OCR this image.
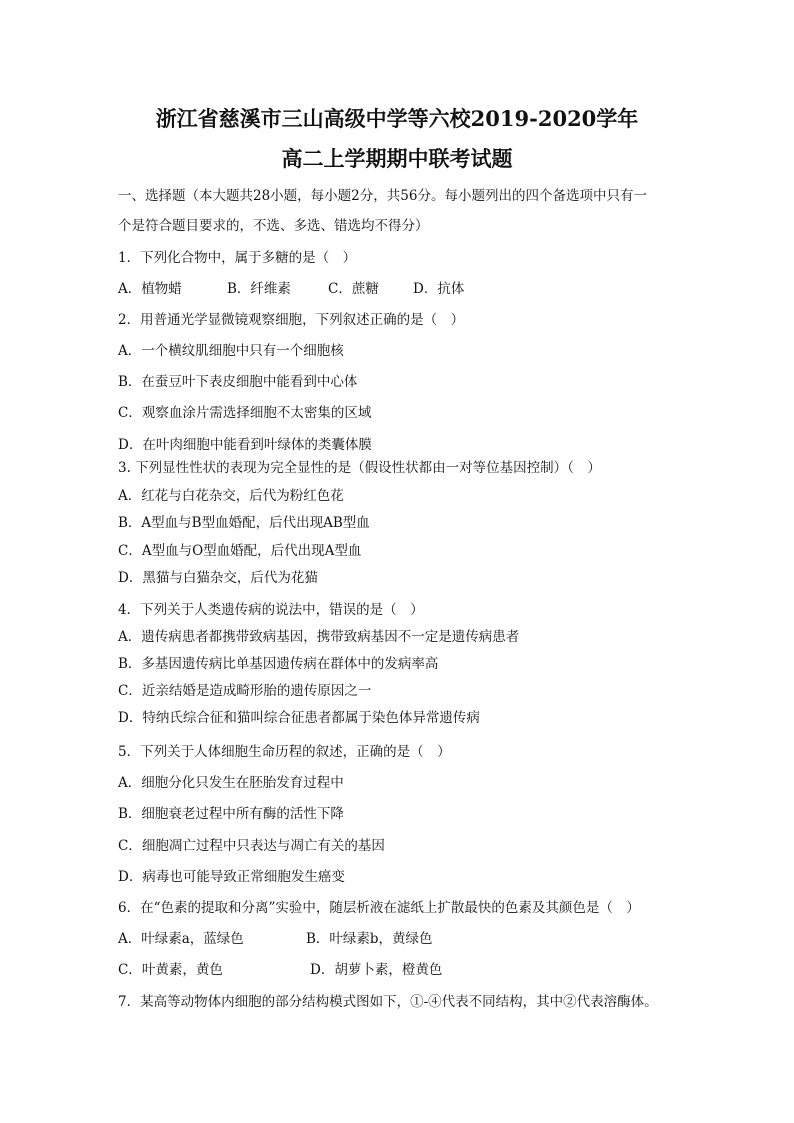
浙江省慈溪市三山高级中学等六校2019-2020学年
高二上学期期中联考试题
一、选择题（本大题共28小题，每小题2分，共56分。每小题列出的四个备选项中只有一
个是符合题目要求的，不选、多选、错选均不得分）
1．下列化合物中，属于多糖的是（　）
A．植物蜡	B．纤维素	C．蔗糖	D．抗体
2．用普通光学显微镜观察细胞，下列叙述正确的是（　）
A．一个横纹肌细胞中只有一个细胞核
B．在蚕豆叶下表皮细胞中能看到中心体
C．观察血涂片需选择细胞不太密集的区域
D．在叶肉细胞中能看到叶绿体的类囊体膜
3. 下列显性性状的表现为完全显性的是（假设性状都由一对等位基因控制）（　）
A．红花与白花杂交，后代为粉红色花
B．A型血与B型血婚配，后代出现AB型血
C．A型血与O型血婚配，后代出现A型血
D．黑猫与白猫杂交，后代为花猫
4．下列关于人类遗传病的说法中，错误的是（　）
A．遗传病患者都携带致病基因，携带致病基因不一定是遗传病患者
B．多基因遗传病比单基因遗传病在群体中的发病率高
C．近亲结婚是造成畸形胎的遗传原因之一
D．特纳氏综合征和猫叫综合征患者都属于染色体异常遗传病
5．下列关于人体细胞生命历程的叙述，正确的是（　）
A．细胞分化只发生在胚胎发育过程中
B．细胞衰老过程中所有酶的活性下降
C．细胞凋亡过程中只表达与凋亡有关的基因
D．病毒也可能导致正常细胞发生癌变
6．在“色素的提取和分离”实验中，随层析液在滤纸上扩散最快的色素及其颜色是（　）
A．叶绿素a，蓝绿色	B．叶绿素b，黄绿色
C．叶黄素，黄色	D．胡萝卜素，橙黄色
7．某高等动物体内细胞的部分结构模式图如下，①-④代表不同结构，其中②代表溶酶体。
